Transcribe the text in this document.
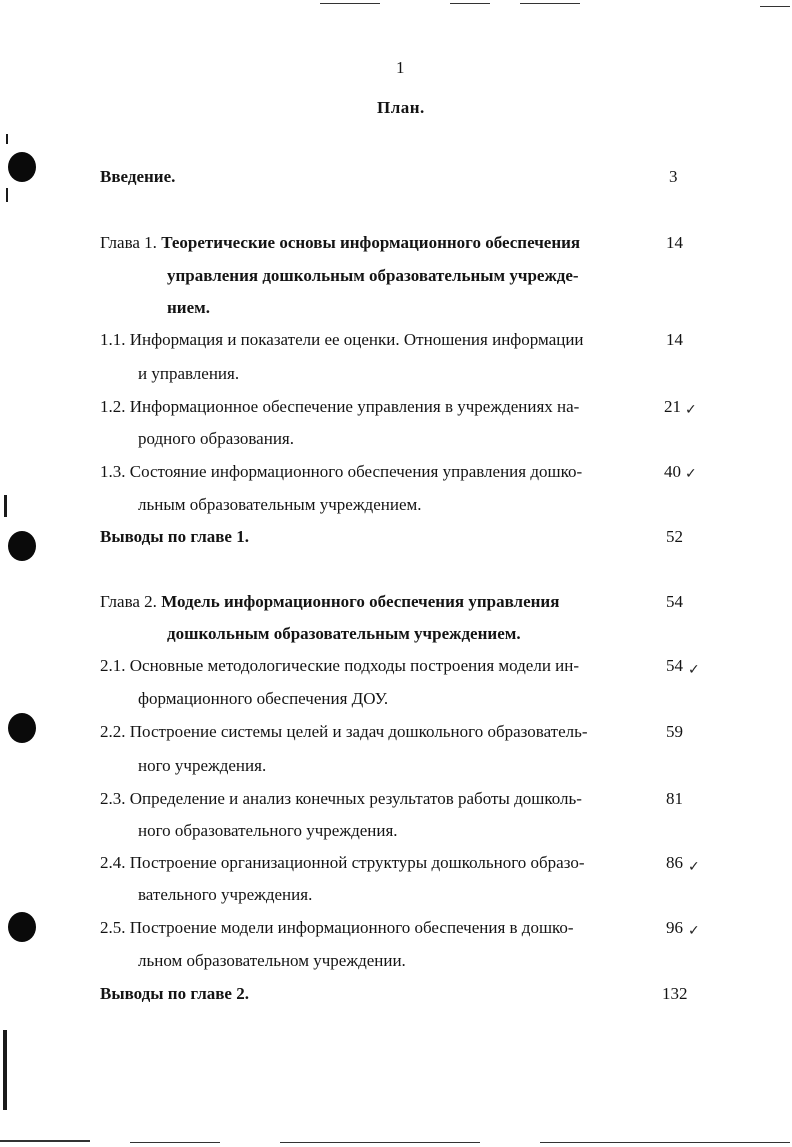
1
План.
Введение.	3
Глава 1. Теоретические основы информационного обеспечения	14
управления дошкольным образовательным учрежде-
нием.
1.1. Информация и показатели ее оценки. Отношения информации	14
и управления.
1.2. Информационное обеспечение управления в учреждениях на-	21 ✓
родного образования.
1.3. Состояние информационного обеспечения управления дошко-	40 ✓
льным образовательным учреждением.
Выводы по главе 1.	52
Глава 2. Модель информационного обеспечения управления	54
дошкольным образовательным учреждением.
2.1. Основные методологические подходы построения модели ин-	54 ✓
формационного обеспечения ДОУ.
2.2. Построение системы целей и задач дошкольного образователь-	59
ного учреждения.
2.3. Определение и анализ конечных результатов работы дошколь-	81
ного образовательного учреждения.
2.4. Построение организационной структуры дошкольного образо-	86 ✓
вательного учреждения.
2.5. Построение модели информационного обеспечения в дошко-	96 ✓
льном образовательном учреждении.
Выводы по главе 2.	132
